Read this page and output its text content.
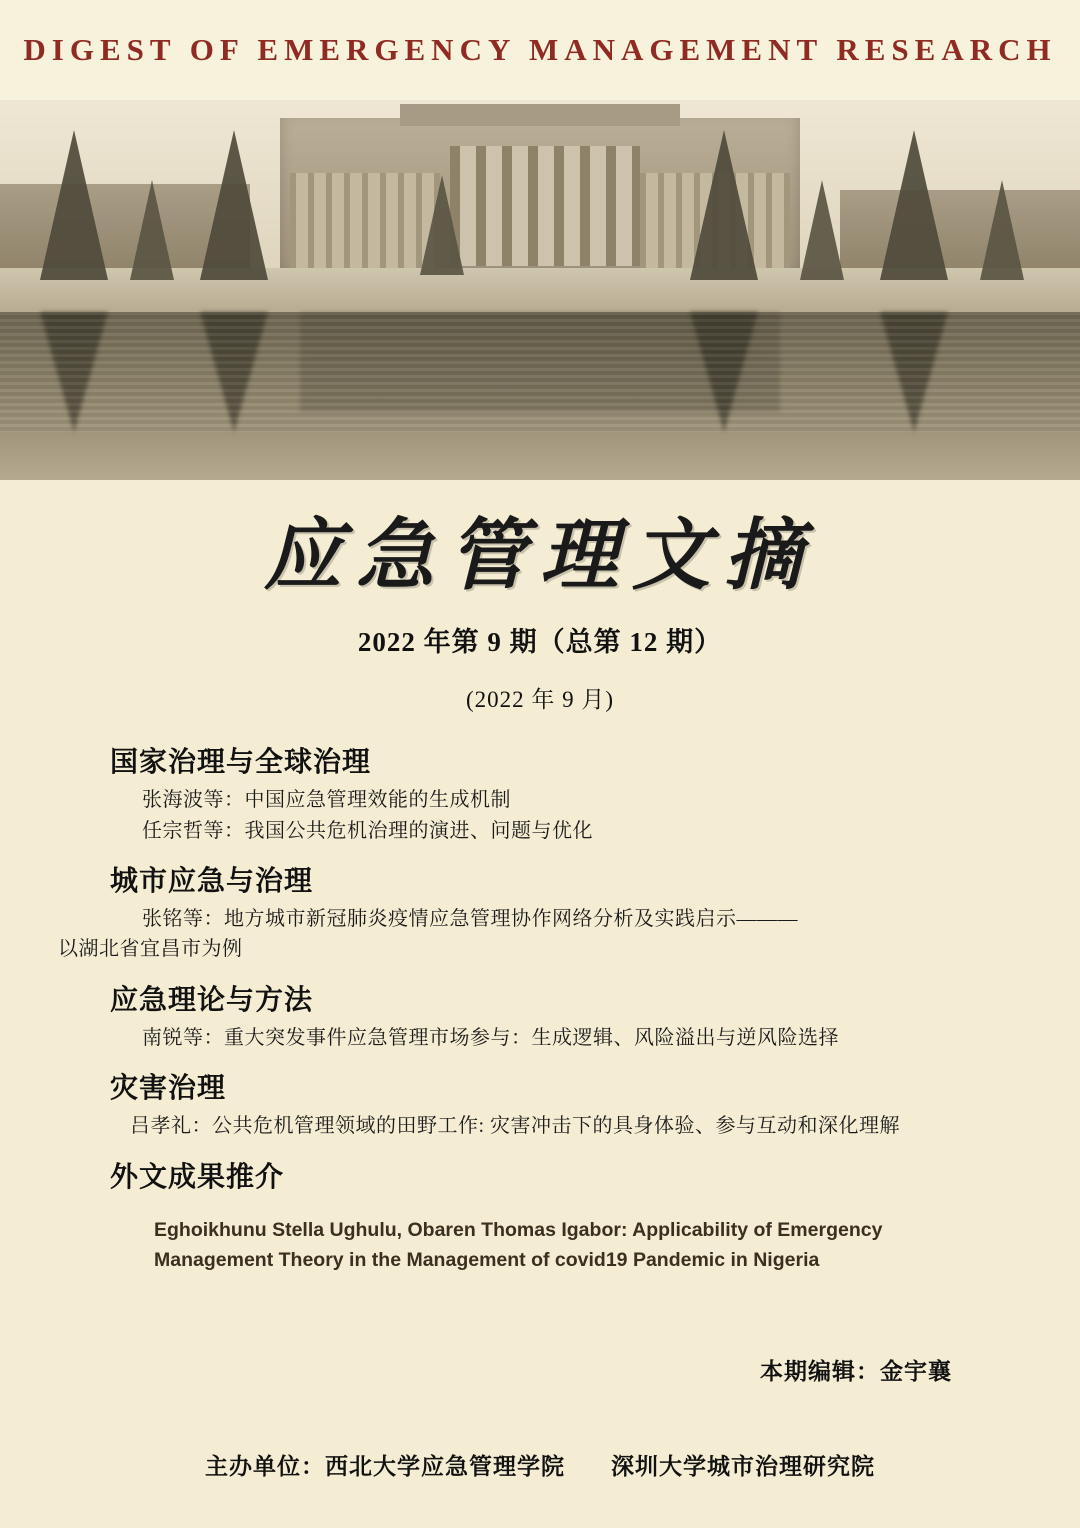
DIGEST OF EMERGENCY MANAGEMENT RESEARCH
应急管理文摘
2022 年第 9 期（总第 12 期）
(2022 年 9 月)
国家治理与全球治理
张海波等：中国应急管理效能的生成机制
任宗哲等：我国公共危机治理的演进、问题与优化
城市应急与治理
张铭等：地方城市新冠肺炎疫情应急管理协作网络分析及实践启示———
以湖北省宜昌市为例
应急理论与方法
南锐等：重大突发事件应急管理市场参与：生成逻辑、风险溢出与逆风险选择
灾害治理
吕孝礼：公共危机管理领域的田野工作: 灾害冲击下的具身体验、参与互动和深化理解
外文成果推介
Eghoikhunu Stella Ughulu, Obaren Thomas Igabor: Applicability of Emergency Management Theory in the Management of covid19 Pandemic in Nigeria
本期编辑：金宇襄
主办单位：西北大学应急管理学院 深圳大学城市治理研究院
